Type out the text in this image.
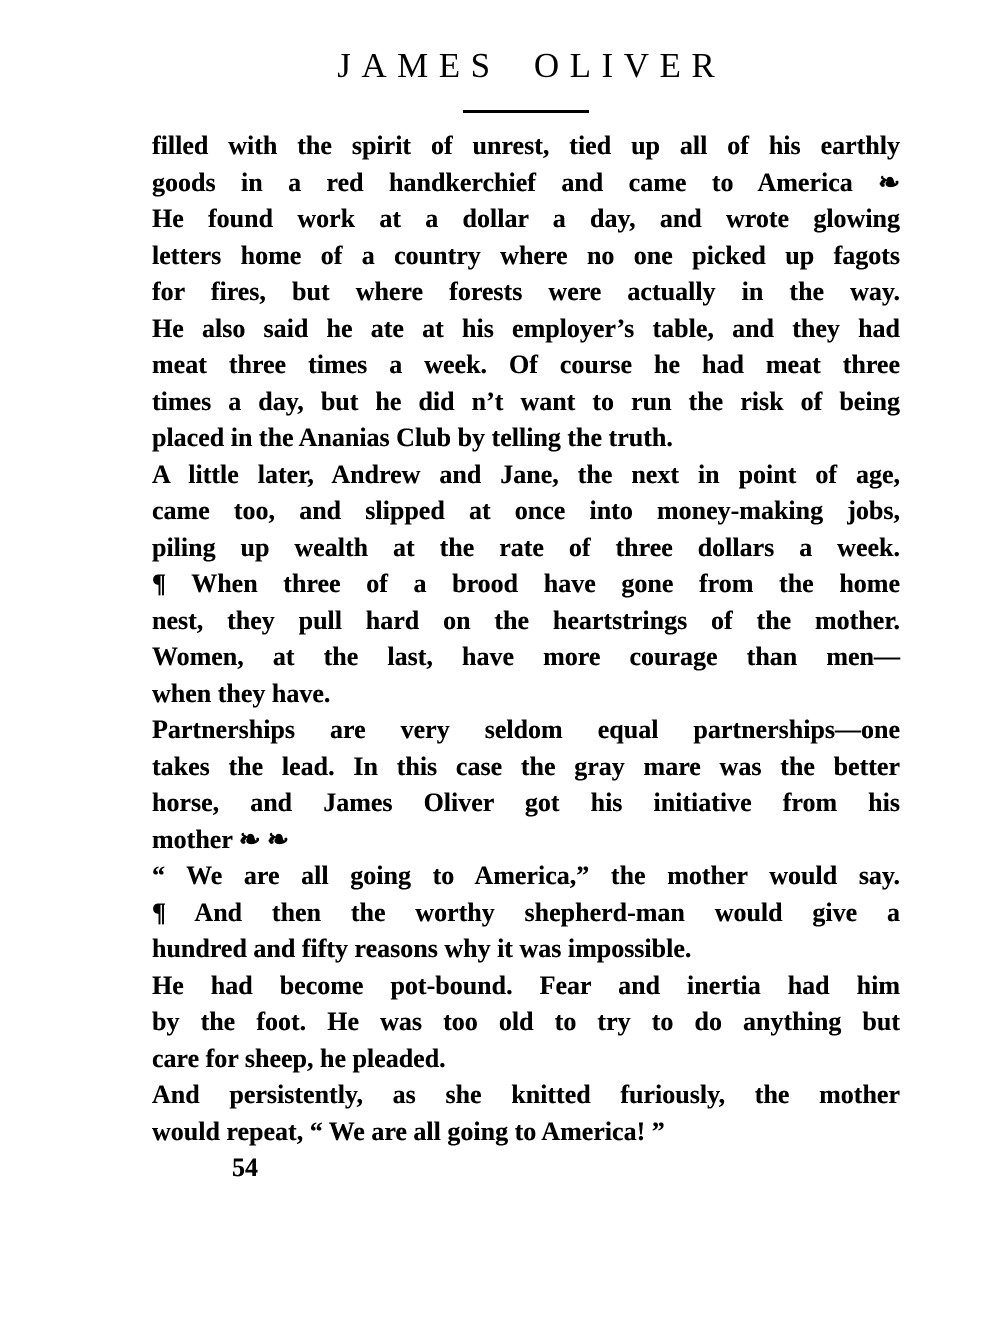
JAMES OLIVER
filled with the spirit of unrest, tied up all of his earthly
goods in a red handkerchief and came to America ❧
He found work at a dollar a day, and wrote glowing
letters home of a country where no one picked up fagots
for fires, but where forests were actually in the way.
He also said he ate at his employer’s table, and they had
meat three times a week. Of course he had meat three
times a day, but he did n’t want to run the risk of being
placed in the Ananias Club by telling the truth.
A little later, Andrew and Jane, the next in point of age,
came too, and slipped at once into money-making jobs,
piling up wealth at the rate of three dollars a week.
¶ When three of a brood have gone from the home
nest, they pull hard on the heartstrings of the mother.
Women, at the last, have more courage than men—
when they have.
Partnerships are very seldom equal partnerships—one
takes the lead. In this case the gray mare was the better
horse, and James Oliver got his initiative from his
mother ❧ ❧
“ We are all going to America,” the mother would say.
¶ And then the worthy shepherd-man would give a
hundred and fifty reasons why it was impossible.
He had become pot-bound. Fear and inertia had him
by the foot. He was too old to try to do anything but
care for sheep, he pleaded.
And persistently, as she knitted furiously, the mother
would repeat, “ We are all going to America! ”
54
